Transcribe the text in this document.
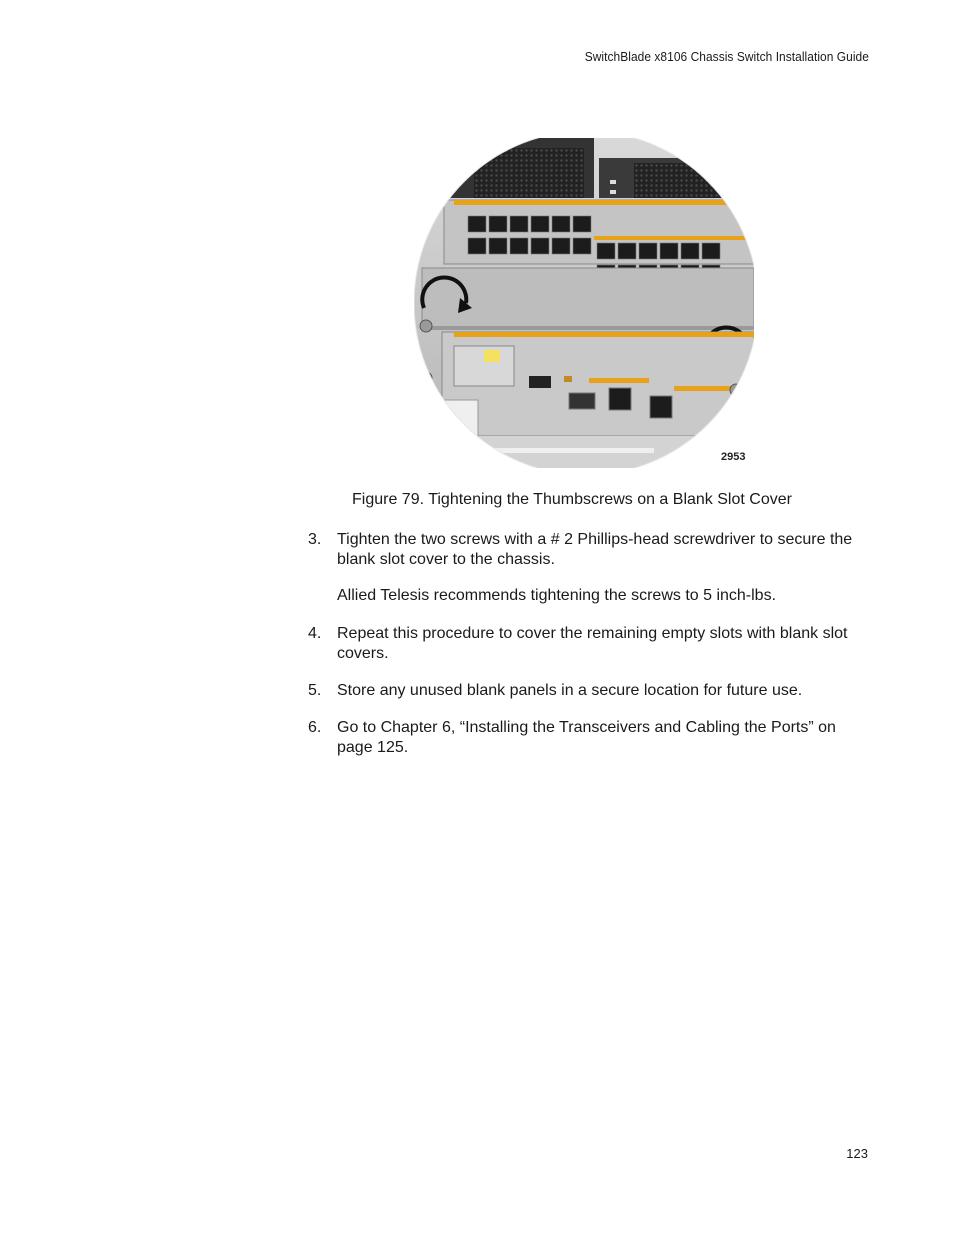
SwitchBlade x8106 Chassis Switch Installation Guide
2953
Figure 79. Tightening the Thumbscrews on a Blank Slot Cover
3. Tighten the two screws with a # 2 Phillips-head screwdriver to secure the blank slot cover to the chassis.
Allied Telesis recommends tightening the screws to 5 inch-lbs.
4. Repeat this procedure to cover the remaining empty slots with blank slot covers.
5. Store any unused blank panels in a secure location for future use.
6. Go to Chapter 6, “Installing the Transceivers and Cabling the Ports” on page 125.
123
